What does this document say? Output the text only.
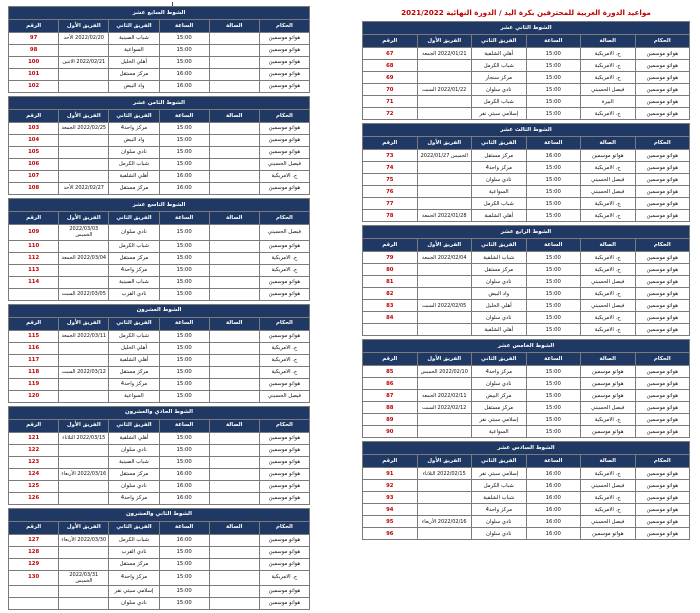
مواعيد الدورة العربية للمحترفين بكرة اليد / الدورة النهائية 2021/2022
الشوط الثاني عشر					
الحكام	الصالة	الساعة	الفريق الثاني	الفريق الأول	الرقم
هواتو موسمين	ج. الامريكية	15:00	أهلي الشلفية	2022/01/21 الجمعة	67
هواتو موسمين	ج. الامريكية	15:00	شباب الكرمل		68
هواتو موسمين	ج. الامريكية	15:00	مركز سنجار		69
هواتو موسمين	فيصل الحسيني	15:00	نادي سلوان	2022/01/22 السبت	70
هواتو موسمين	البيرة	15:00	شباب الكرمل		71
هواتو موسمين	ج. الامريكية	15:00	إسلامي سيتي نفر		72
الشوط الثالث عشر					
الحكام	الصالة	الساعة	الفريق الثاني	الفريق الأول	الرقم
هواتو موسمين	هواتو موسمين	16:00	مركز مستقل	الخميس 2022/01/27	73
هواتو موسمين	ج. الامريكية	15:00	مركز واحد4		74
هواتو موسمين	فيصل الحسيني	15:00	نادي سلوان		75
هواتو موسمين	فيصل الحسيني	15:00	السواعية		76
هواتو موسمين	ج. الامريكية	15:00	شباب الكرمل		77
هواتو موسمين	ج. الامريكية	15:00	أهلي الشلفية	2022/01/28 الجمعة	78
الشوط الرابع عشر					
الحكام	الصالة	الساعة	الفريق الثاني	الفريق الأول	الرقم
هواتو موسمين	ج. الامريكية	15:00	شباب الشلفية	2022/02/04 الجمعة	79
هواتو موسمين	ج. الامريكية	15:00	مركز مستقل		80
هواتو موسمين	فيصل الحسيني	15:00	نادي سلوان		81
هواتو موسمين	ج. الامريكية	15:00	واد البيض		82
هواتو موسمين	فيصل الحسيني	15:00	أهلي الخليل	2022/02/05 السبت	83
هواتو موسمين	ج. الامريكية	15:00	نادي سلوان		84
هواتو موسمين	ج. الامريكية	15:00	أهلي الشلفية		
الشوط الخامس عشر					
الحكام	الصالة	الساعة	الفريق الثاني	الفريق الأول	الرقم
هواتو موسمين	هواتو موسمين	15:00	مركز واحد4	2022/02/10 الخميس	85
هواتو موسمين	هواتو موسمين	15:00	نادي سلوان		86
هواتو موسمين	هواتو موسمين	15:00	مركز البيض	2022/02/11 الجمعة	87
هواتو موسمين	فيصل الحسيني	15:00	مركز مستقل	2022/02/12 السبت	88
هواتو موسمين	ج. الامريكية	15:00	إسلامي سيتي نفر		89
هواتو موسمين	هواتو موسمين	15:00	السواعية		90
الشوط السادس عشر					
الحكام	الصالة	الساعة	الفريق الثاني	الفريق الأول	الرقم
هواتو موسمين	ج. الامريكية	16:00	إسلامي سيتي نفر	2022/02/15 الثلاثاء	91
هواتو موسمين	فيصل الحسيني	16:00	شباب الكرمل		92
هواتو موسمين	ج. الامريكية	16:00	شباب الشلفية		93
هواتو موسمين	ج. الامريكية	16:00	مركز واحد4		94
هواتو موسمين	فيصل الحسيني	16:00	نادي سلوان	2022/02/16 الأربعاء	95
هواتو موسمين	هواتو موسمين	16:00	نادي سلوان		96
الشوط السابع عشر					
الحكام	الصالة	الساعة	الفريق الثاني	الفريق الأول	الرقم
هواتو موسمين		15:00	شباب الصينية	2022/02/20 الأحد	97
هواتو موسمين		15:00	السواعية		98
هواتو موسمين		15:00	أهلي الخليل	2022/02/21 الاثنين	100
هواتو موسمين		16:00	مركز مستقل		101
هواتو موسمين		16:00	واد البيض		102
الشوط الثامن عشر					
الحكام	الصالة	الساعة	الفريق الثاني	الفريق الأول	الرقم
هواتو موسمين		15:00	مركز واحد4	2022/02/25 الجمعة	103
هواتو موسمين		15:00	واد البيض		104
هواتو موسمين		15:00	نادي سلوان		105
فيصل الحسيني		15:00	شباب الكرمل		106
ج. الامريكية		16:00	أهلي الشلفية		107
هواتو موسمين		16:00	مركز مستقل	2022/02/27 الأحد	108
الشوط التاسع عشر					
الحكام	الصالة	الساعة	الفريق الثاني	الفريق الأول	الرقم
فيصل الحسيني		15:00	نادي سلوان	2022/03/03 الخميس	109
هواتو موسمين		15:00	شباب الكرمل		110
ج. الامريكية		15:00	مركز مستقل	2022/03/04 الجمعة	112
ج. الامريكية		15:00	مركز واحد4		113
هواتو موسمين		15:00	شباب الصينية		114
هواتو موسمين		15:00	نادي القرب	2022/03/05 السبت	
الشوط العشرون					
الحكام	الصالة	الساعة	الفريق الثاني	الفريق الأول	الرقم
هواتو موسمين		15:00	شباب الكرمل	2022/03/11 الجمعة	115
ج. الامريكية		15:00	أهلي الخليل		116
ج. الامريكية		15:00	أهلي الشلفية		117
ج. الامريكية		15:00	مركز مستقل	2022/03/12 السبت	118
هواتو موسمين		15:00	مركز واحد4		119
فيصل الحسيني		15:00	السواعية		120
الشوط الحادي والعشرون					
الحكام	الصالة	الساعة	الفريق الثاني	الفريق الأول	الرقم
هواتو موسمين		15:00	أهلي الشلفية	2022/03/15 الثلاثاء	121
هواتو موسمين		15:00	نادي سلوان		122
هواتو موسمين		15:00	شباب الصينية		123
هواتو موسمين		16:00	مركز مستقل	2022/03/16 الأربعاء	124
هواتو موسمين		16:00	نادي سلوان		125
هواتو موسمين		16:00	مركز واحد4		126
الشوط الثاني والعشرون					
الحكام	الصالة	الساعة	الفريق الثاني	الفريق الأول	الرقم
هواتو موسمين		16:00	شباب الكرمل	2022/03/30 الأربعاء	127
هواتو موسمين		15:00	نادي القرب		128
هواتو موسمين		15:00	مركز مستقل		129
ج. الامريكية		15:00	مركز واحد4	2022/03/31 الخميس	130
هواتو موسمين		15:00	إسلامي سيتي نفر		
هواتو موسمين		15:00	نادي سلوان		
